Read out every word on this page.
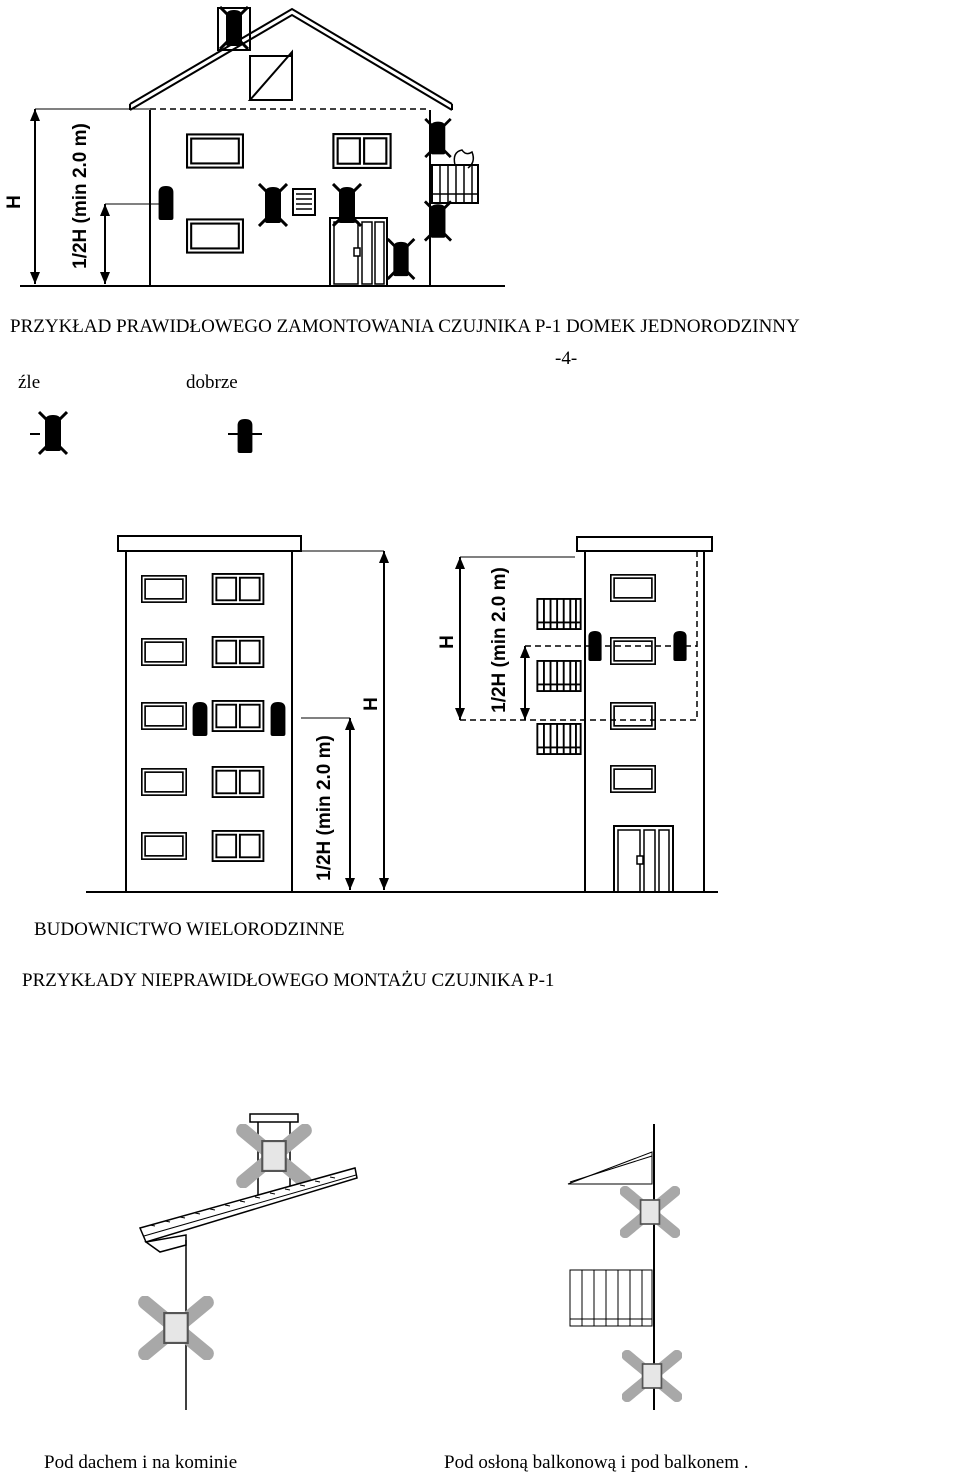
H 1/2H (min 2.0 m)
PRZYKŁAD PRAWIDŁOWEGO ZAMONTOWANIA CZUJNIKA P-1 DOMEK JEDNORODZINNY
-4-
źle	dobrze
H
1/2H (min 2.0 m)
H 1/2H (min 2.0 m)
BUDOWNICTWO WIELORODZINNE
PRZYKŁADY NIEPRAWIDŁOWEGO MONTAŻU CZUJNIKA P-1
Pod dachem i na kominie	Pod osłoną balkonową i pod balkonem .
